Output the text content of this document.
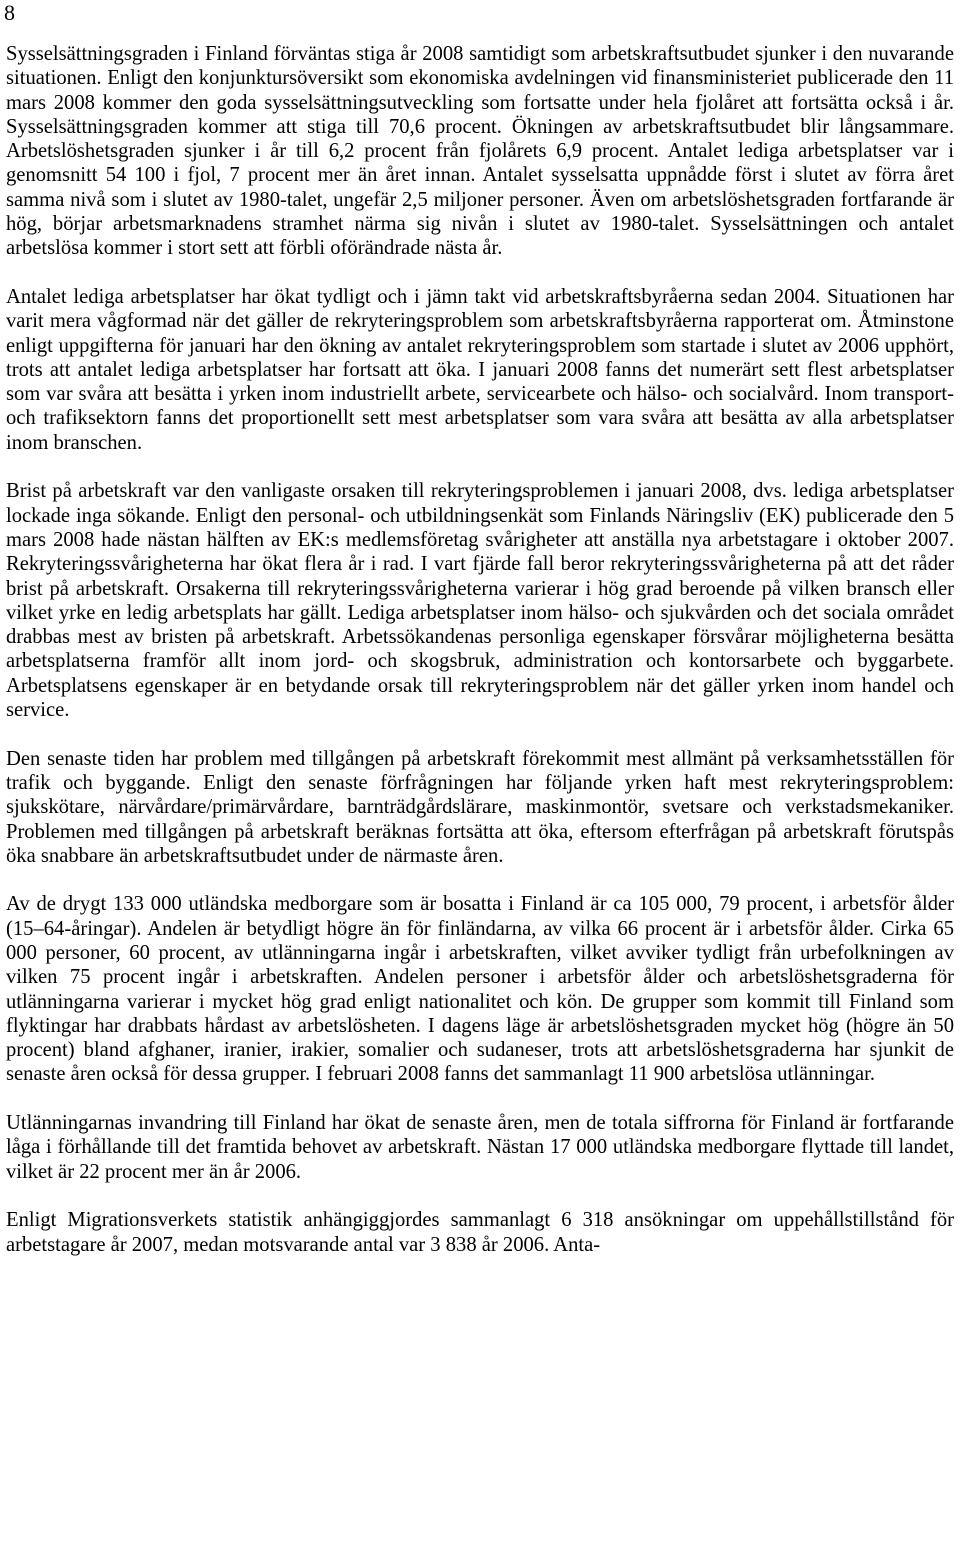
8

Sysselsättningsgraden i Finland förväntas stiga år 2008 samtidigt som arbetskraftsutbudet sjunker i den nuvarande situationen. Enligt den konjunktursöversikt som ekonomiska avdelningen vid finansministeriet publicerade den 11 mars 2008 kommer den goda sysselsättningsutveckling som fortsatte under hela fjolåret att fortsätta också i år. Sysselsättningsgraden kommer att stiga till 70,6 procent. Ökningen av arbetskraftsutbudet blir långsammare. Arbetslöshetsgraden sjunker i år till 6,2 procent från fjolårets 6,9 procent. Antalet lediga arbetsplatser var i genomsnitt 54 100 i fjol, 7 procent mer än året innan. Antalet sysselsatta uppnådde först i slutet av förra året samma nivå som i slutet av 1980-talet, ungefär 2,5 miljoner personer. Även om arbetslöshetsgraden fortfarande är hög, börjar arbetsmarknadens stramhet närma sig nivån i slutet av 1980-talet. Sysselsättningen och antalet arbetslösa kommer i stort sett att förbli oförändrade nästa år.

Antalet lediga arbetsplatser har ökat tydligt och i jämn takt vid arbetskraftsbyråerna sedan 2004. Situationen har varit mera vågformad när det gäller de rekryteringsproblem som arbetskraftsbyråerna rapporterat om. Åtminstone enligt uppgifterna för januari har den ökning av antalet rekryteringsproblem som startade i slutet av 2006 upphört, trots att antalet lediga arbetsplatser har fortsatt att öka. I januari 2008 fanns det numerärt sett flest arbetsplatser som var svåra att besätta i yrken inom industriellt arbete, servicearbete och hälso- och socialvård. Inom transport- och trafiksektorn fanns det proportionellt sett mest arbetsplatser som vara svåra att besätta av alla arbetsplatser inom branschen.

Brist på arbetskraft var den vanligaste orsaken till rekryteringsproblemen i januari 2008, dvs. lediga arbetsplatser lockade inga sökande. Enligt den personal- och utbildningsenkät som Finlands Näringsliv (EK) publicerade den 5 mars 2008 hade nästan hälften av EK:s medlemsföretag svårigheter att anställa nya arbetstagare i oktober 2007. Rekryteringssvårigheterna har ökat flera år i rad. I vart fjärde fall beror rekryteringssvårigheterna på att det råder brist på arbetskraft. Orsakerna till rekryteringssvårigheterna varierar i hög grad beroende på vilken bransch eller vilket yrke en ledig arbetsplats har gällt. Lediga arbetsplatser inom hälso- och sjukvården och det sociala området drabbas mest av bristen på arbetskraft. Arbetssökandenas personliga egenskaper försvårar möjligheterna besätta arbetsplatserna framför allt inom jord- och skogsbruk, administration och kontorsarbete och byggarbete. Arbetsplatsens egenskaper är en betydande orsak till rekryteringsproblem när det gäller yrken inom handel och service.

Den senaste tiden har problem med tillgången på arbetskraft förekommit mest allmänt på verksamhetsställen för trafik och byggande. Enligt den senaste förfrågningen har följande yrken haft mest rekryteringsproblem: sjukskötare, närvårdare/primärvårdare, barnträdgårdslärare, maskinmontör, svetsare och verkstadsmekaniker. Problemen med tillgången på arbetskraft beräknas fortsätta att öka, eftersom efterfrågan på arbetskraft förutspås öka snabbare än arbetskraftsutbudet under de närmaste åren.

Av de drygt 133 000 utländska medborgare som är bosatta i Finland är ca 105 000, 79 procent, i arbetsför ålder (15–64-åringar). Andelen är betydligt högre än för finländarna, av vilka 66 procent är i arbetsför ålder. Cirka 65 000 personer, 60 procent, av utlänningarna ingår i arbetskraften, vilket avviker tydligt från urbefolkningen av vilken 75 procent ingår i arbetskraften. Andelen personer i arbetsför ålder och arbetslöshetsgraderna för utlänningarna varierar i mycket hög grad enligt nationalitet och kön. De grupper som kommit till Finland som flyktingar har drabbats hårdast av arbetslösheten. I dagens läge är arbetslöshetsgraden mycket hög (högre än 50 procent) bland afghaner, iranier, irakier, somalier och sudaneser, trots att arbetslöshetsgraderna har sjunkit de senaste åren också för dessa grupper. I februari 2008 fanns det sammanlagt 11 900 arbetslösa utlänningar.

Utlänningarnas invandring till Finland har ökat de senaste åren, men de totala siffrorna för Finland är fortfarande låga i förhållande till det framtida behovet av arbetskraft. Nästan 17 000 utländska medborgare flyttade till landet, vilket är 22 procent mer än år 2006.

Enligt Migrationsverkets statistik anhängiggjordes sammanlagt 6 318 ansökningar om uppehållstillstånd för arbetstagare år 2007, medan motsvarande antal var 3 838 år 2006. Anta-
